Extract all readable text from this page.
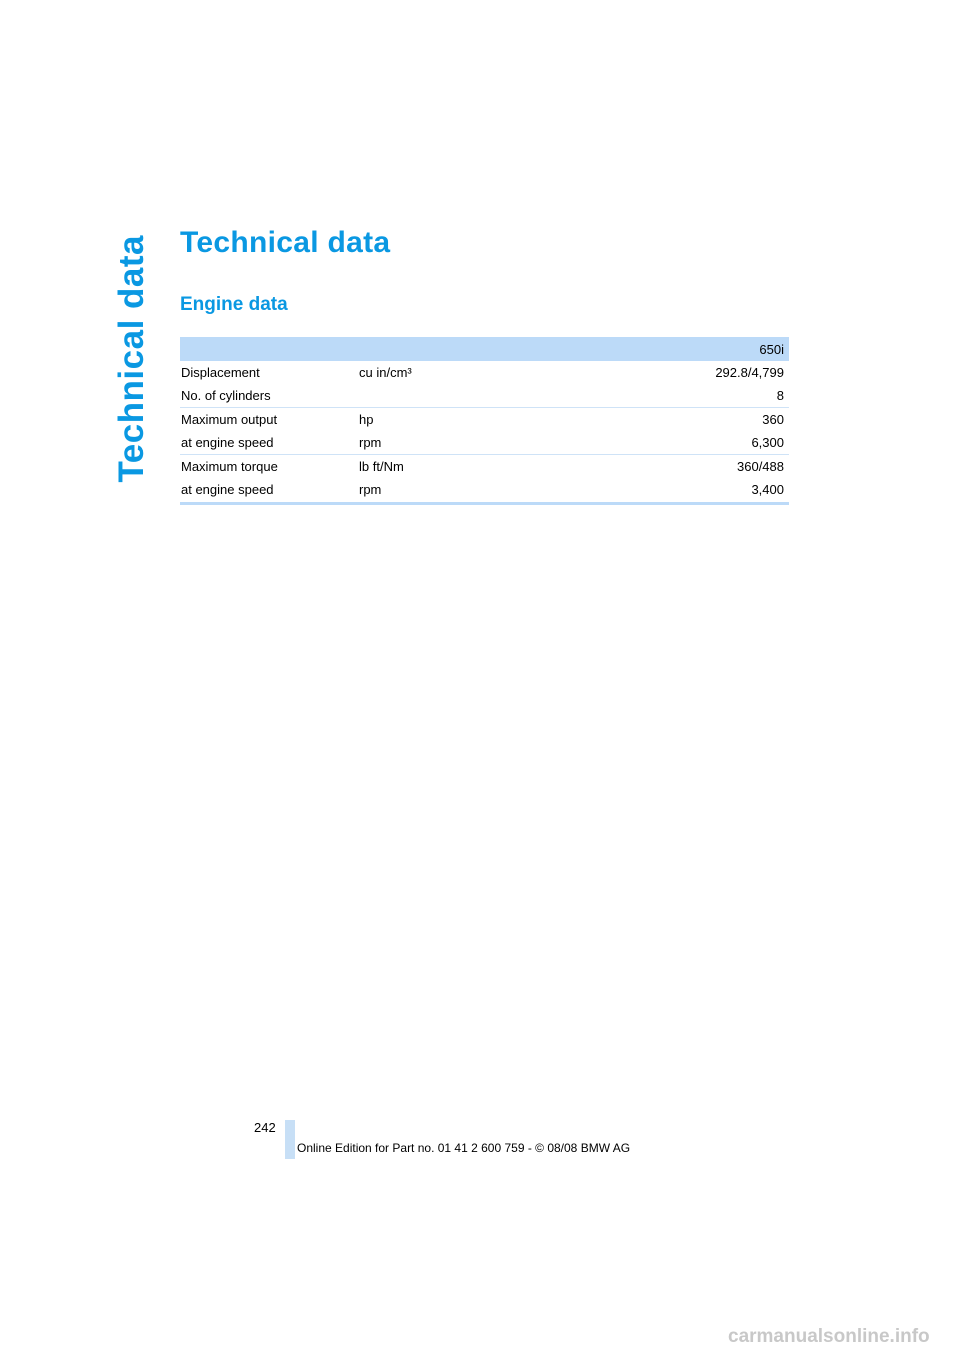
Technical data Technical data
Engine data
650i		
Displacement	cu in/cm³	292.8/4,799
No. of cylinders		8
Maximum output	hp	360
at engine speed	rpm	6,300
Maximum torque	lb ft/Nm	360/488
at engine speed	rpm	3,400
242
Online Edition for Part no. 01 41 2 600 759 - © 08/08 BMW AG
carmanualsonline.info
